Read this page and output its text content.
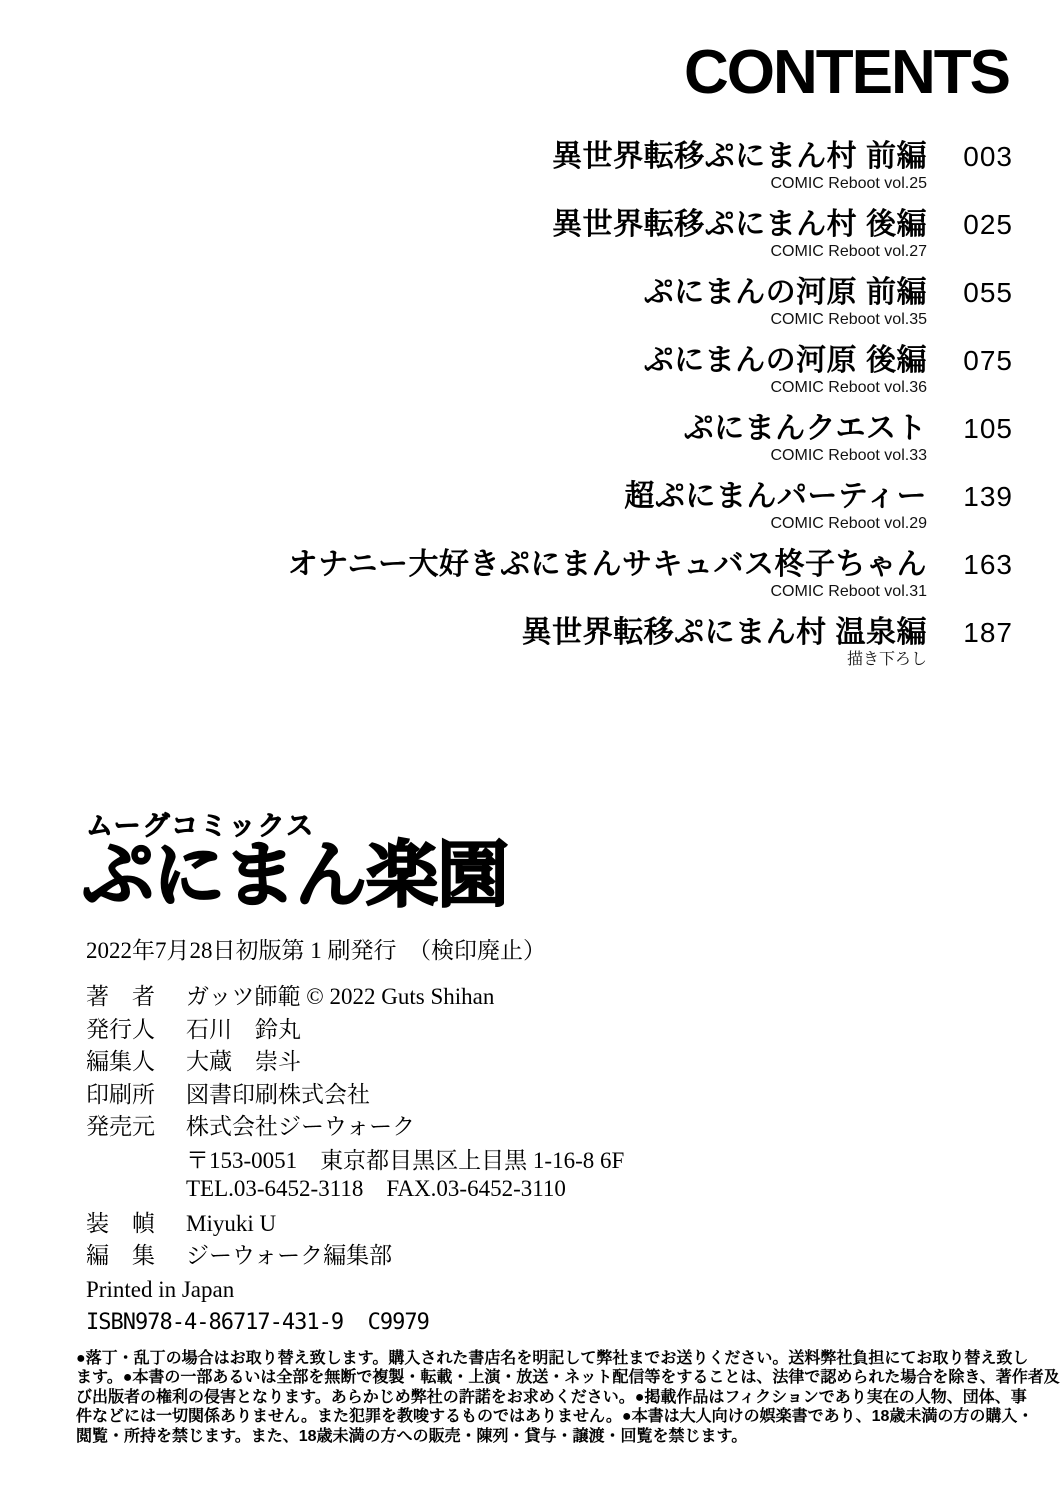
CONTENTS
異世界転移ぷにまん村 前編
COMIC Reboot vol.25
003
異世界転移ぷにまん村 後編
COMIC Reboot vol.27
025
ぷにまんの河原 前編
COMIC Reboot vol.35
055
ぷにまんの河原 後編
COMIC Reboot vol.36
075
ぷにまんクエスト
COMIC Reboot vol.33
105
超ぷにまんパーティー
COMIC Reboot vol.29
139
オナニー大好きぷにまんサキュバス柊子ちゃん
COMIC Reboot vol.31
163
異世界転移ぷにまん村 温泉編
描き下ろし
187
ムーグコミックス
ぷにまん楽園
2022年7月28日初版第 1 刷発行　（検印廃止）
著　者 ガッツ師範 © 2022 Guts Shihan
発行人 石川　鈴丸
編集人 大蔵　崇斗
印刷所 図書印刷株式会社
発売元 株式会社ジーウォーク
〒153-0051　東京都目黒区上目黒 1-16-8 6F
TEL.03-6452-3118　FAX.03-6452-3110
装　幀 Miyuki U
編　集 ジーウォーク編集部
Printed in Japan
ISBN978-4-86717-431-9  C9979
●落丁・乱丁の場合はお取り替え致します。購入された書店名を明記して弊社までお送りください。送料弊社負担にてお取り替え致し
ます。●本書の一部あるいは全部を無断で複製・転載・上演・放送・ネット配信等をすることは、法律で認められた場合を除き、著作者及
び出版者の権利の侵害となります。あらかじめ弊社の許諾をお求めください。●掲載作品はフィクションであり実在の人物、団体、事
件などには一切関係ありません。また犯罪を教唆するものではありません。●本書は大人向けの娯楽書であり、18歳未満の方の購入・
閲覧・所持を禁じます。また、18歳未満の方への販売・陳列・貸与・譲渡・回覧を禁じます。
